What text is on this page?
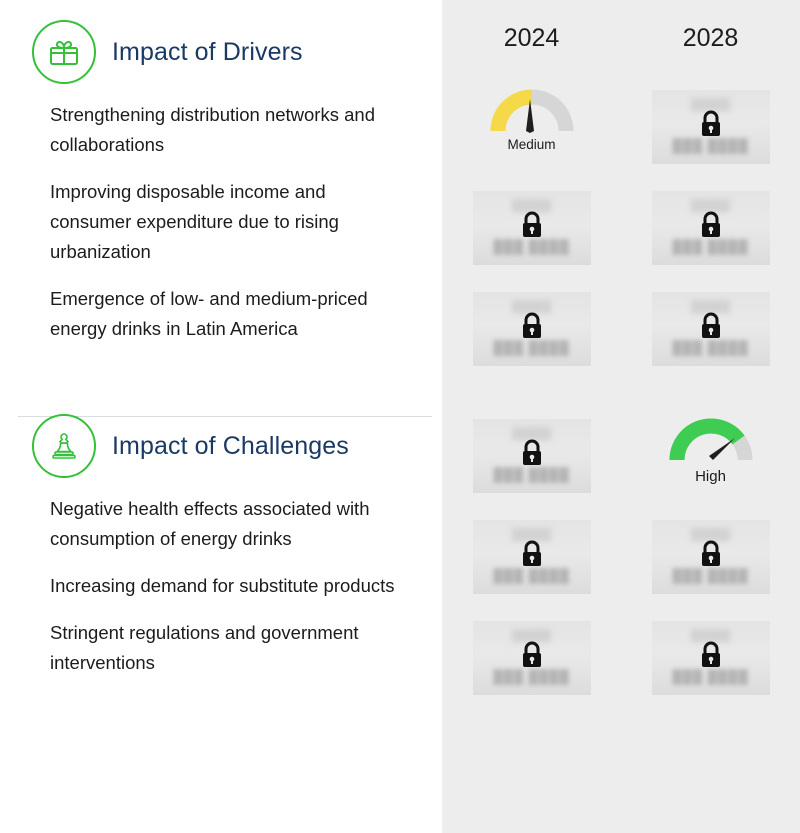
Impact of Drivers
Strengthening distribution networks and collaborations
Improving disposable income and consumer expenditure due to rising urbanization
Emergence of low- and medium-priced energy drinks in Latin America
Impact of Challenges
Negative health effects associated with consumption of energy drinks
Increasing demand for substitute products
Stringent regulations and government interventions
2024	2028
Medium
█████
███ ████
█████
███ ████
█████
███ ████
█████
███ ████
█████
███ ████
█████
███ ████	High
█████
███ ████
█████
███ ████
█████
███ ████
█████
███ ████
